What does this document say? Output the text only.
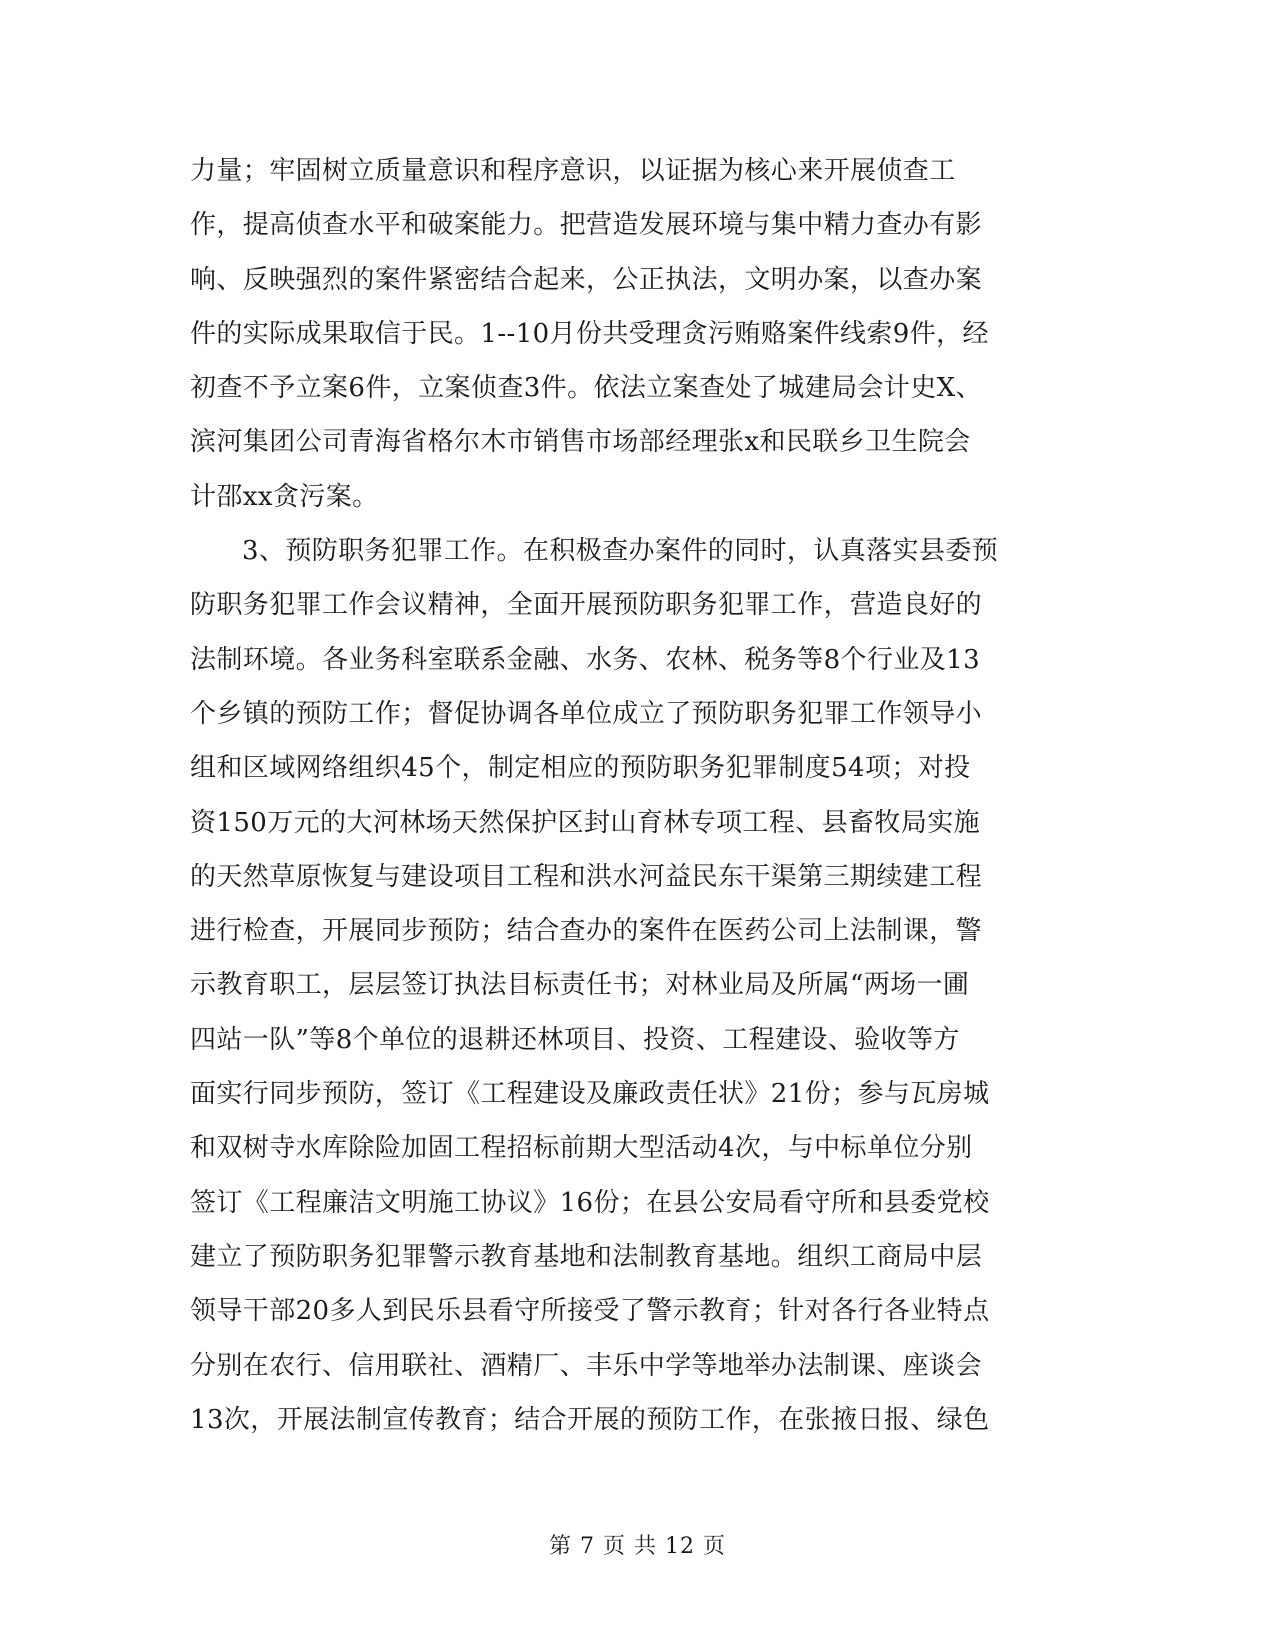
力量；牢固树立质量意识和程序意识，以证据为核心来开展侦查工
作，提高侦查水平和破案能力。把营造发展环境与集中精力查办有影
响、反映强烈的案件紧密结合起来，公正执法，文明办案，以查办案
件的实际成果取信于民。1--10月份共受理贪污贿赂案件线索9件，经
初查不予立案6件，立案侦查3件。依法立案查处了城建局会计史X、
滨河集团公司青海省格尔木市销售市场部经理张x和民联乡卫生院会
计邵xx贪污案。
3、预防职务犯罪工作。在积极查办案件的同时，认真落实县委预
防职务犯罪工作会议精神，全面开展预防职务犯罪工作，营造良好的
法制环境。各业务科室联系金融、水务、农林、税务等8个行业及13
个乡镇的预防工作；督促协调各单位成立了预防职务犯罪工作领导小
组和区域网络组织45个，制定相应的预防职务犯罪制度54项；对投
资150万元的大河林场天然保护区封山育林专项工程、县畜牧局实施
的天然草原恢复与建设项目工程和洪水河益民东干渠第三期续建工程
进行检查，开展同步预防；结合查办的案件在医药公司上法制课，警
示教育职工，层层签订执法目标责任书；对林业局及所属“两场一圃
四站一队”等8个单位的退耕还林项目、投资、工程建设、验收等方
面实行同步预防，签订《工程建设及廉政责任状》21份；参与瓦房城
和双树寺水库除险加固工程招标前期大型活动4次，与中标单位分别
签订《工程廉洁文明施工协议》16份；在县公安局看守所和县委党校
建立了预防职务犯罪警示教育基地和法制教育基地。组织工商局中层
领导干部20多人到民乐县看守所接受了警示教育；针对各行各业特点
分别在农行、信用联社、酒精厂、丰乐中学等地举办法制课、座谈会
13次，开展法制宣传教育；结合开展的预防工作，在张掖日报、绿色
第 7 页 共 12 页
